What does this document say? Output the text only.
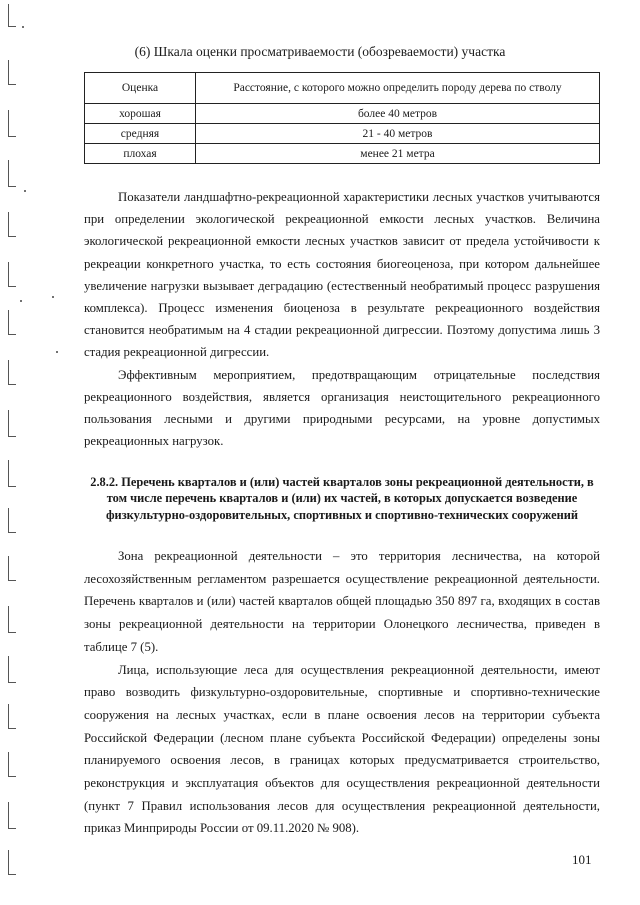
(6) Шкала оценки просматриваемости (обозреваемости) участка
Оценка	Расстояние, с которого можно определить породу дерева по стволу
хорошая	более 40 метров
средняя	21 - 40 метров
плохая	менее 21 метра

Показатели ландшафтно-рекреационной характеристики лесных участков учитываются при определении экологической рекреационной емкости лесных участков. Величина экологической рекреационной емкости лесных участков зависит от предела устойчивости к рекреации конкретного участка, то есть состояния биогеоценоза, при котором дальнейшее увеличение нагрузки вызывает деградацию (естественный необратимый процесс разрушения комплекса). Процесс изменения биоценоза в результате рекреационного воздействия становится необратимым на 4 стадии рекреационной дигрессии. Поэтому допустима лишь 3 стадия рекреационной дигрессии.

Эффективным мероприятием, предотвращающим отрицательные последствия рекреационного воздействия, является организация неистощительного рекреационного пользования лесными и другими природными ресурсами, на уровне допустимых рекреационных нагрузок.

2.8.2. Перечень кварталов и (или) частей кварталов зоны рекреационной деятельности, в том числе перечень кварталов и (или) их частей, в которых допускается возведение физкультурно-оздоровительных, спортивных и спортивно-технических сооружений

Зона рекреационной деятельности – это территория лесничества, на которой лесохозяйственным регламентом разрешается осуществление рекреационной деятельности. Перечень кварталов и (или) частей кварталов общей площадью 350 897 га, входящих в состав зоны рекреационной деятельности на территории Олонецкого лесничества, приведен в таблице 7 (5).

Лица, использующие леса для осуществления рекреационной деятельности, имеют право возводить физкультурно-оздоровительные, спортивные и спортивно-технические сооружения на лесных участках, если в плане освоения лесов на территории субъекта Российской Федерации (лесном плане субъекта Российской Федерации) определены зоны планируемого освоения лесов, в границах которых предусматривается строительство, реконструкция и эксплуатация объектов для осуществления рекреационной деятельности (пункт 7 Правил использования лесов для осуществления рекреационной деятельности, приказ Минприроды России от 09.11.2020 № 908).

101
